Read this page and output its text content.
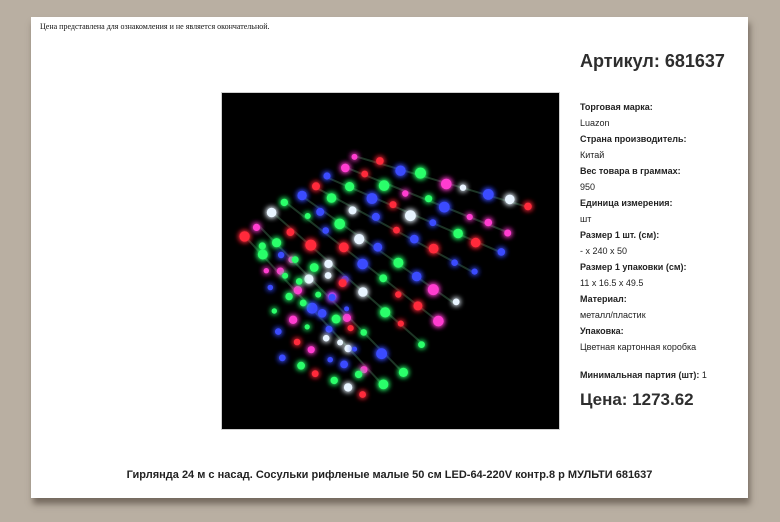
Цена представлена для ознакомления и не является окончательной.
Артикул: 681637
Торговая марка:
Luazon
Страна производитель:
Китай
Вес товара в граммах:
950
Единица измерения:
шт
Размер 1 шт. (см):
- x 240 x 50
Размер 1 упаковки (см):
11 x 16.5 x 49.5
Материал:
металл/пластик
Упаковка:
Цветная картонная коробка
Минимальная партия (шт): 1
Цена: 1273.62
Гирлянда 24 м с насад. Сосульки рифленые малые 50 см LED-64-220V контр.8 р МУЛЬТИ 681637
